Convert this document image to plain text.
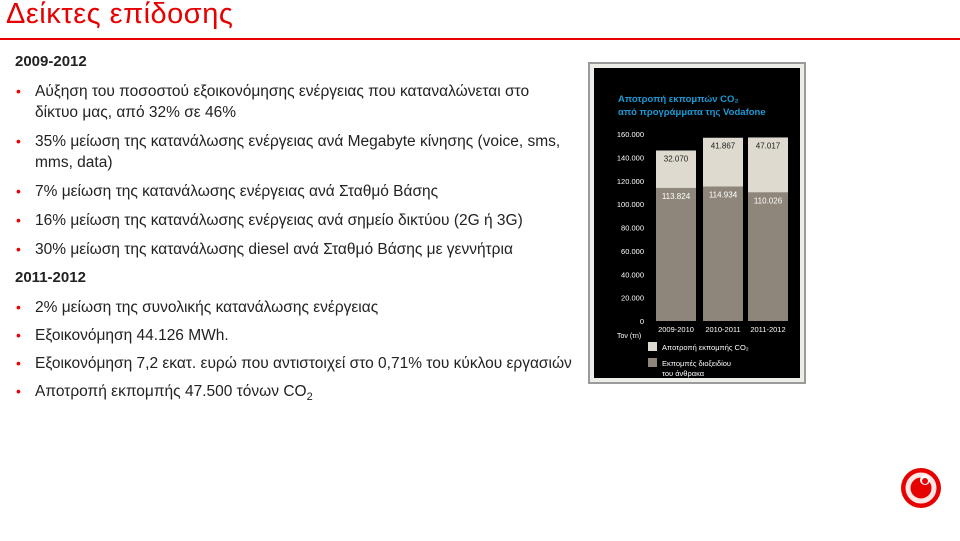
Δείκτες επίδοσης

2009-2012

• Αύξηση του ποσοστού εξοικονόμησης ενέργειας που καταναλώνεται στο δίκτυο μας, από 32% σε 46%
• 35% μείωση της κατανάλωσης ενέργειας ανά Megabyte κίνησης (voice, sms, mms, data)
• 7% μείωση της κατανάλωσης ενέργειας ανά Σταθμό Βάσης
• 16% μείωση της κατανάλωσης ενέργειας ανά σημείο δικτύου (2G ή 3G)
• 30% μείωση της κατανάλωσης diesel ανά Σταθμό Βάσης με γεννήτρια

2011-2012

• 2% μείωση της συνολικής κατανάλωσης ενέργειας
• Εξοικονόμηση 44.126 MWh.
• Εξοικονόμηση 7,2 εκατ. ευρώ που αντιστοιχεί στο 0,71% του κύκλου εργασιών
• Αποτροπή εκπομπής 47.500 τόνων $CO_2$
Αποτροπή εκπομπών CO₂
από προγράμματα της Vodafone
0
20.000
40.000
60.000
80.000
100.000
120.000
140.000
160.000
113.824
32.070
2009-2010
114.934
41.867
2010-2011
110.026
47.017
2011-2012
Τον (τn)
Αποτροπή εκπομπής CO₂
Εκπομπές διοξειδίου
του άνθρακα
